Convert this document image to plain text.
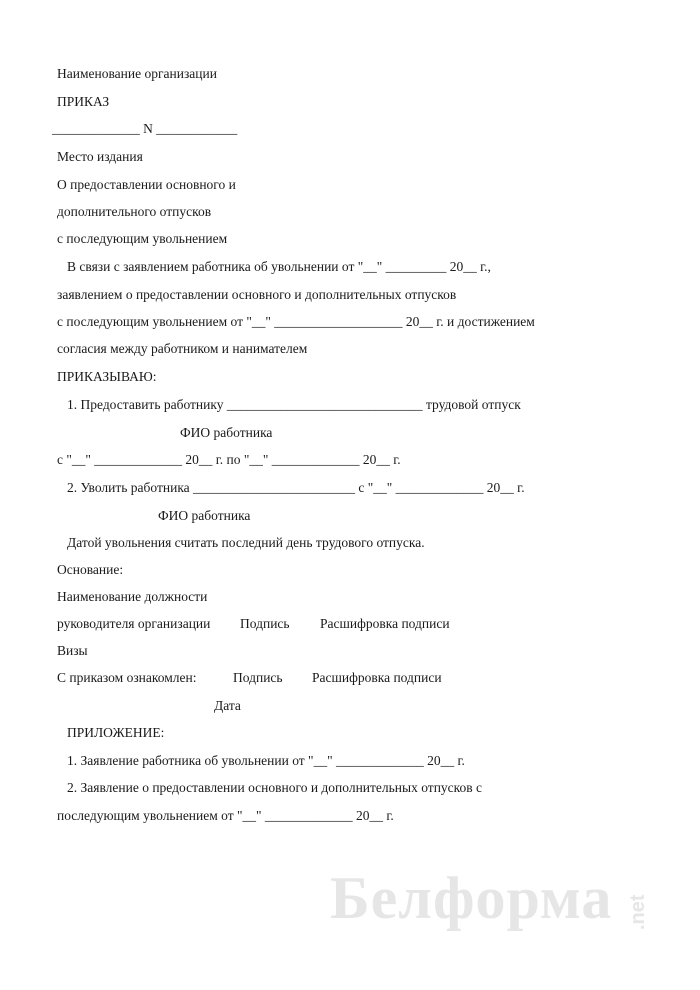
Наименование организации
ПРИКАЗ
_____________ N ____________
Место издания
О предоставлении основного и
дополнительного отпусков
с последующим увольнением
В связи с заявлением работника об увольнении от "__" _________ 20__ г.,
заявлением о предоставлении основного и дополнительных отпусков
с последующим увольнением от "__" ___________________ 20__ г. и достижением
согласия между работником и нанимателем
ПРИКАЗЫВАЮ:
1. Предоставить работнику _____________________________ трудовой отпуск
ФИО работника
с "__" _____________ 20__ г. по "__" _____________ 20__ г.
2. Уволить работника ________________________ с "__" _____________ 20__ г.
ФИО работника
Датой увольнения считать последний день трудового отпуска.
Основание:
Наименование должности
руководителя организации Подпись Расшифровка подписи
Визы
С приказом ознакомлен:	Подпись Расшифровка подписи
Дата
ПРИЛОЖЕНИЕ:
1. Заявление работника об увольнении от "__" _____________ 20__ г.
2. Заявление о предоставлении основного и дополнительных отпусков с
последующим увольнением от "__" _____________ 20__ г.
Белформа .net
